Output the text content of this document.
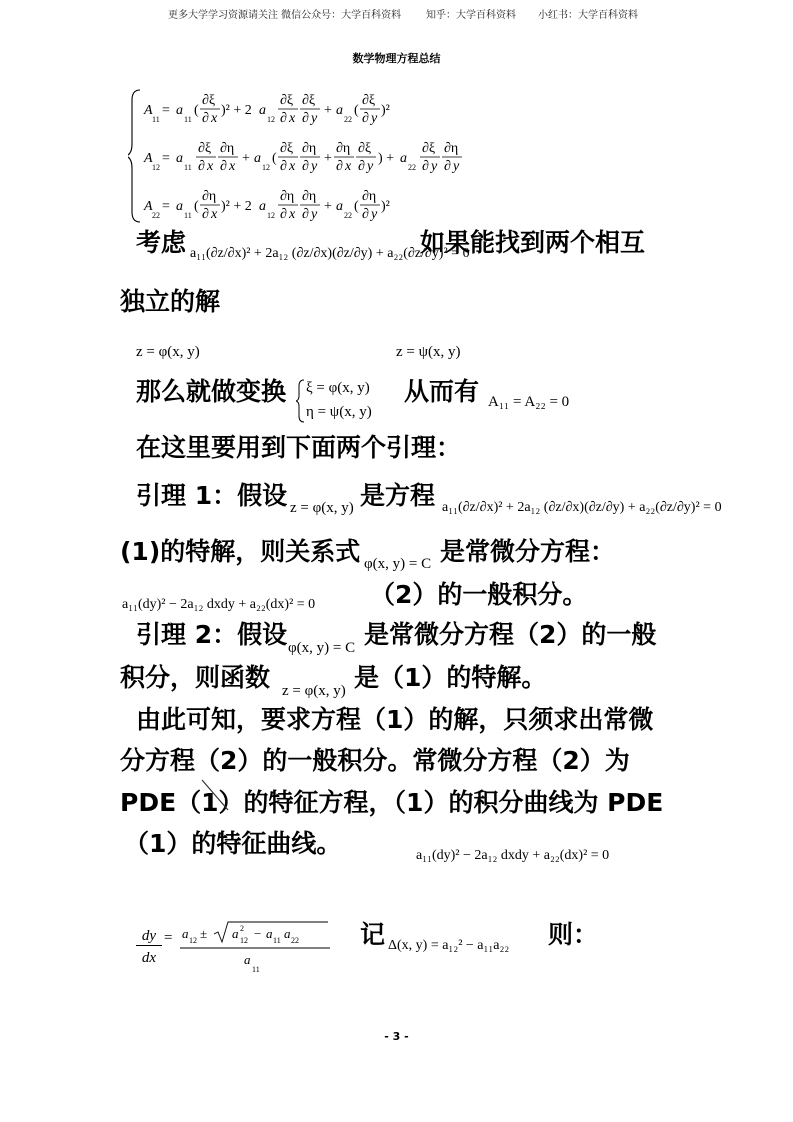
更多大学学习资源请关注 微信公众号：大学百科资料 知乎：大学百科资料 小红书：大学百科资料
数学物理方程总结
A
11
= a
11
(
∂ξ
∂ x
)² + 2 a
12
∂ξ
∂ x
∂ξ
∂ y
+ a
22
(
∂ξ
∂ y
)²
A
12
= a
11
∂ξ
∂ x
∂η
∂ x
+ a
12
(
∂ξ
∂ x
∂η
∂ y
+
∂η
∂ x
∂ξ
∂ y
) + a
22
∂ξ
∂ y
∂η
∂ y
A
22
= a
11
(
∂η
∂ x
)² + 2 a
12
∂η
∂ x
∂η
∂ y
+ a
22
(
∂η
∂ y
)²
考虑 a₁₁(∂z/∂x)² + 2a₁₂ (∂z/∂x)(∂z/∂y) + a₂₂(∂z/∂y)² = 0
如果能找到两个相互
独立的解
z = φ(x, y)	z = ψ(x, y)
那么就做变换 ξ = φ(x, y)
η = ψ(x, y)
从而有 A₁₁ = A₂₂ = 0
在这里要用到下面两个引理：
引理 1：假设 z = φ(x, y) 是方程 a₁₁(∂z/∂x)² + 2a₁₂ (∂z/∂x)(∂z/∂y) + a₂₂(∂z/∂y)² = 0
(1)的特解，则关系式 φ(x, y) = C 是常微分方程：
a₁₁(dy)² − 2a₁₂ dxdy + a₂₂(dx)² = 0 （2）的一般积分。
引理 2：假设 φ(x, y) = C 是常微分方程（2）的一般
积分，则函数 z = φ(x, y) 是（1）的特解。
由此可知，要求方程（1）的解，只须求出常微
分方程（2）的一般积分。常微分方程（2）为
PDE（1）的特征方程，（1）的积分曲线为 PDE
（1）的特征曲线。	a₁₁(dy)² − 2a₁₂ dxdy + a₂₂(dx)² = 0
dy
dx
= a 12 ± a 2
12 − a 11 a 22
a
11
记 Δ(x, y) = a₁₂² − a₁₁a₂₂ 则：
- 3 -
